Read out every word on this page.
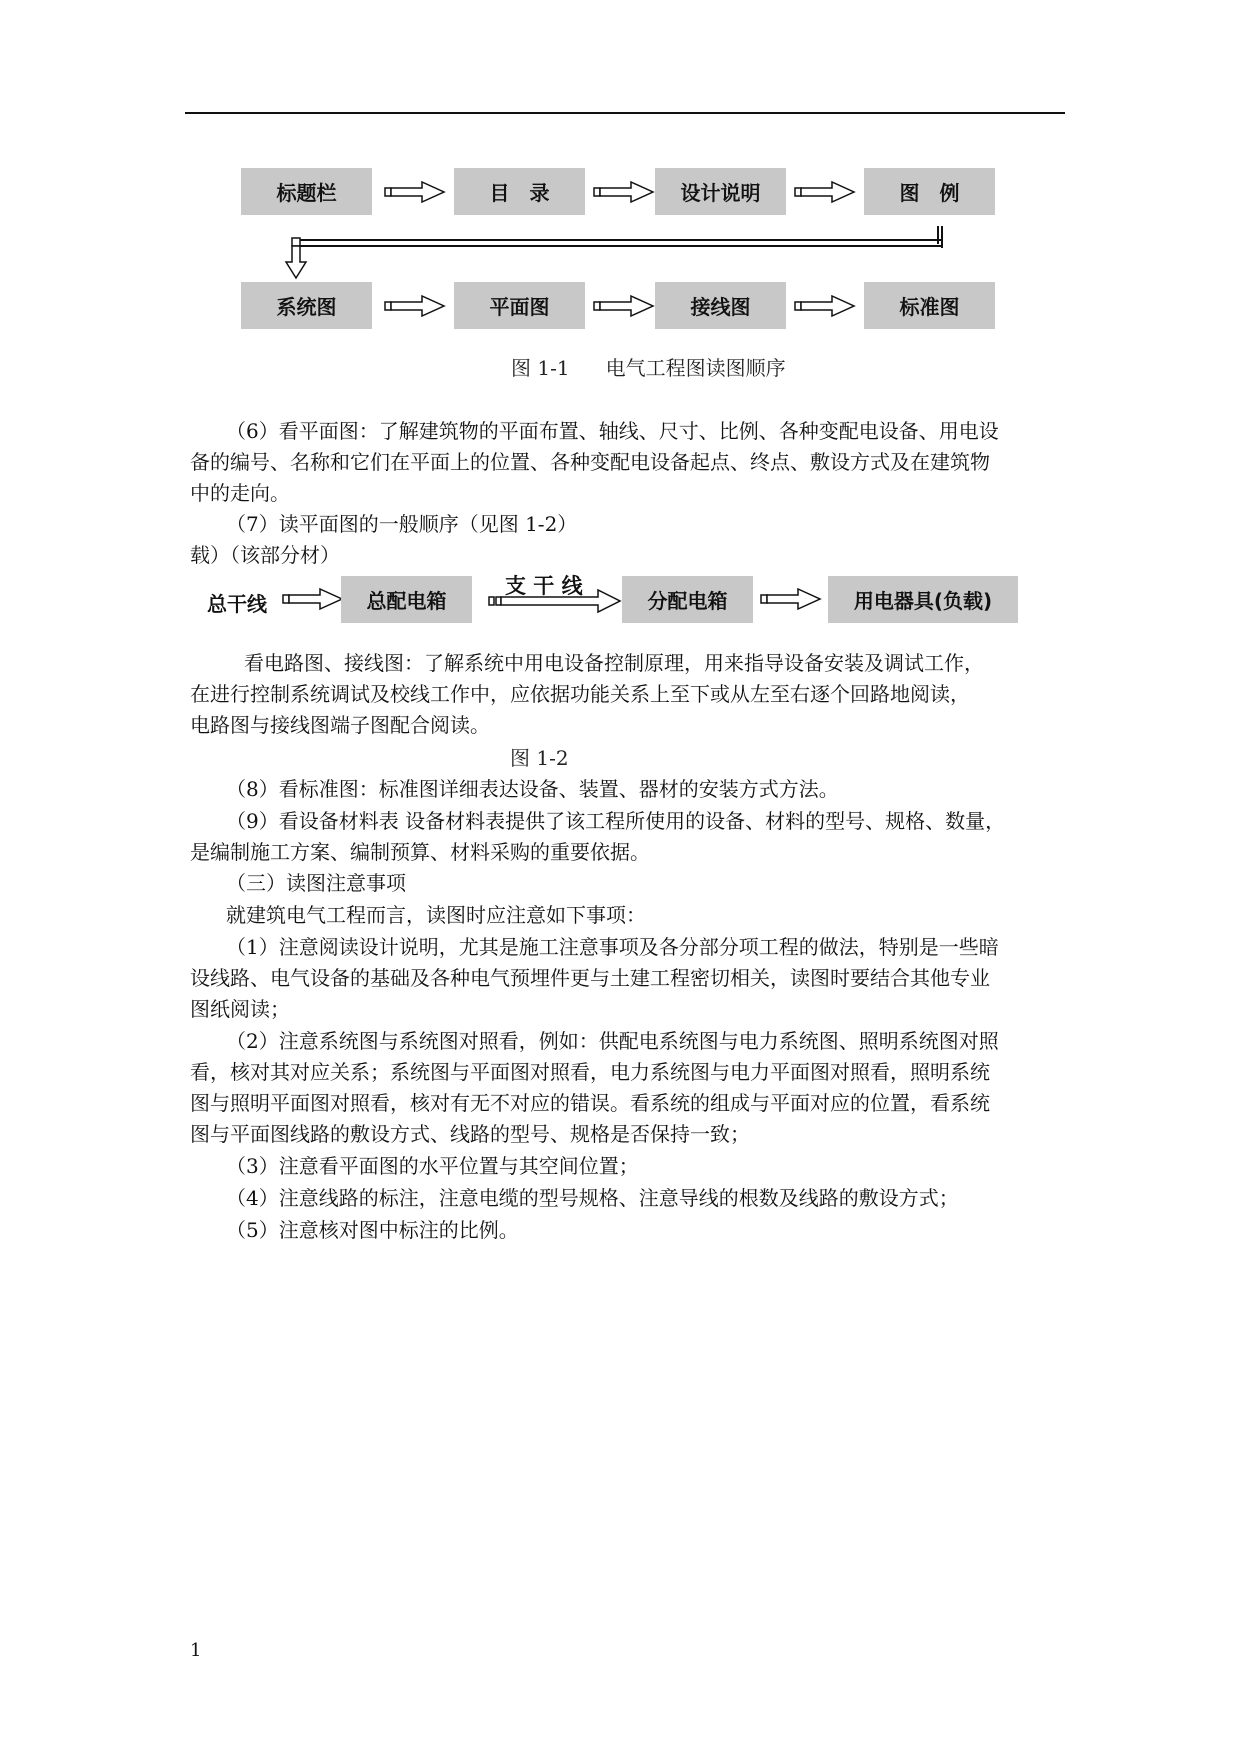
标题栏	目　录	设计说明	图　例
系统图	平面图	接线图	标准图
图 1-1 电气工程图读图顺序
（6）看平面图：了解建筑物的平面布置、轴线、尺寸、比例、各种变配电设备、用电设
备的编号、名称和它们在平面上的位置、各种变配电设备起点、终点、敷设方式及在建筑物
中的走向。
（7）读平面图的一般顺序（见图 1-2）
载）（该部分材）
总干线	总配电箱
支 干 线
分配电箱	用电器具(负载)
看电路图、接线图：了解系统中用电设备控制原理，用来指导设备安装及调试工作，
在进行控制系统调试及校线工作中，应依据功能关系上至下或从左至右逐个回路地阅读，
电路图与接线图端子图配合阅读。
图 1-2
（8）看标准图：标准图详细表达设备、装置、器材的安装方式方法。
（9）看设备材料表 设备材料表提供了该工程所使用的设备、材料的型号、规格、数量，
是编制施工方案、编制预算、材料采购的重要依据。
（三）读图注意事项
就建筑电气工程而言，读图时应注意如下事项：
（1）注意阅读设计说明，尤其是施工注意事项及各分部分项工程的做法，特别是一些暗
设线路、电气设备的基础及各种电气预埋件更与土建工程密切相关，读图时要结合其他专业
图纸阅读；
（2）注意系统图与系统图对照看，例如：供配电系统图与电力系统图、照明系统图对照
看，核对其对应关系；系统图与平面图对照看，电力系统图与电力平面图对照看，照明系统
图与照明平面图对照看，核对有无不对应的错误。看系统的组成与平面对应的位置，看系统
图与平面图线路的敷设方式、线路的型号、规格是否保持一致；
（3）注意看平面图的水平位置与其空间位置；
（4）注意线路的标注，注意电缆的型号规格、注意导线的根数及线路的敷设方式；
（5）注意核对图中标注的比例。
1
